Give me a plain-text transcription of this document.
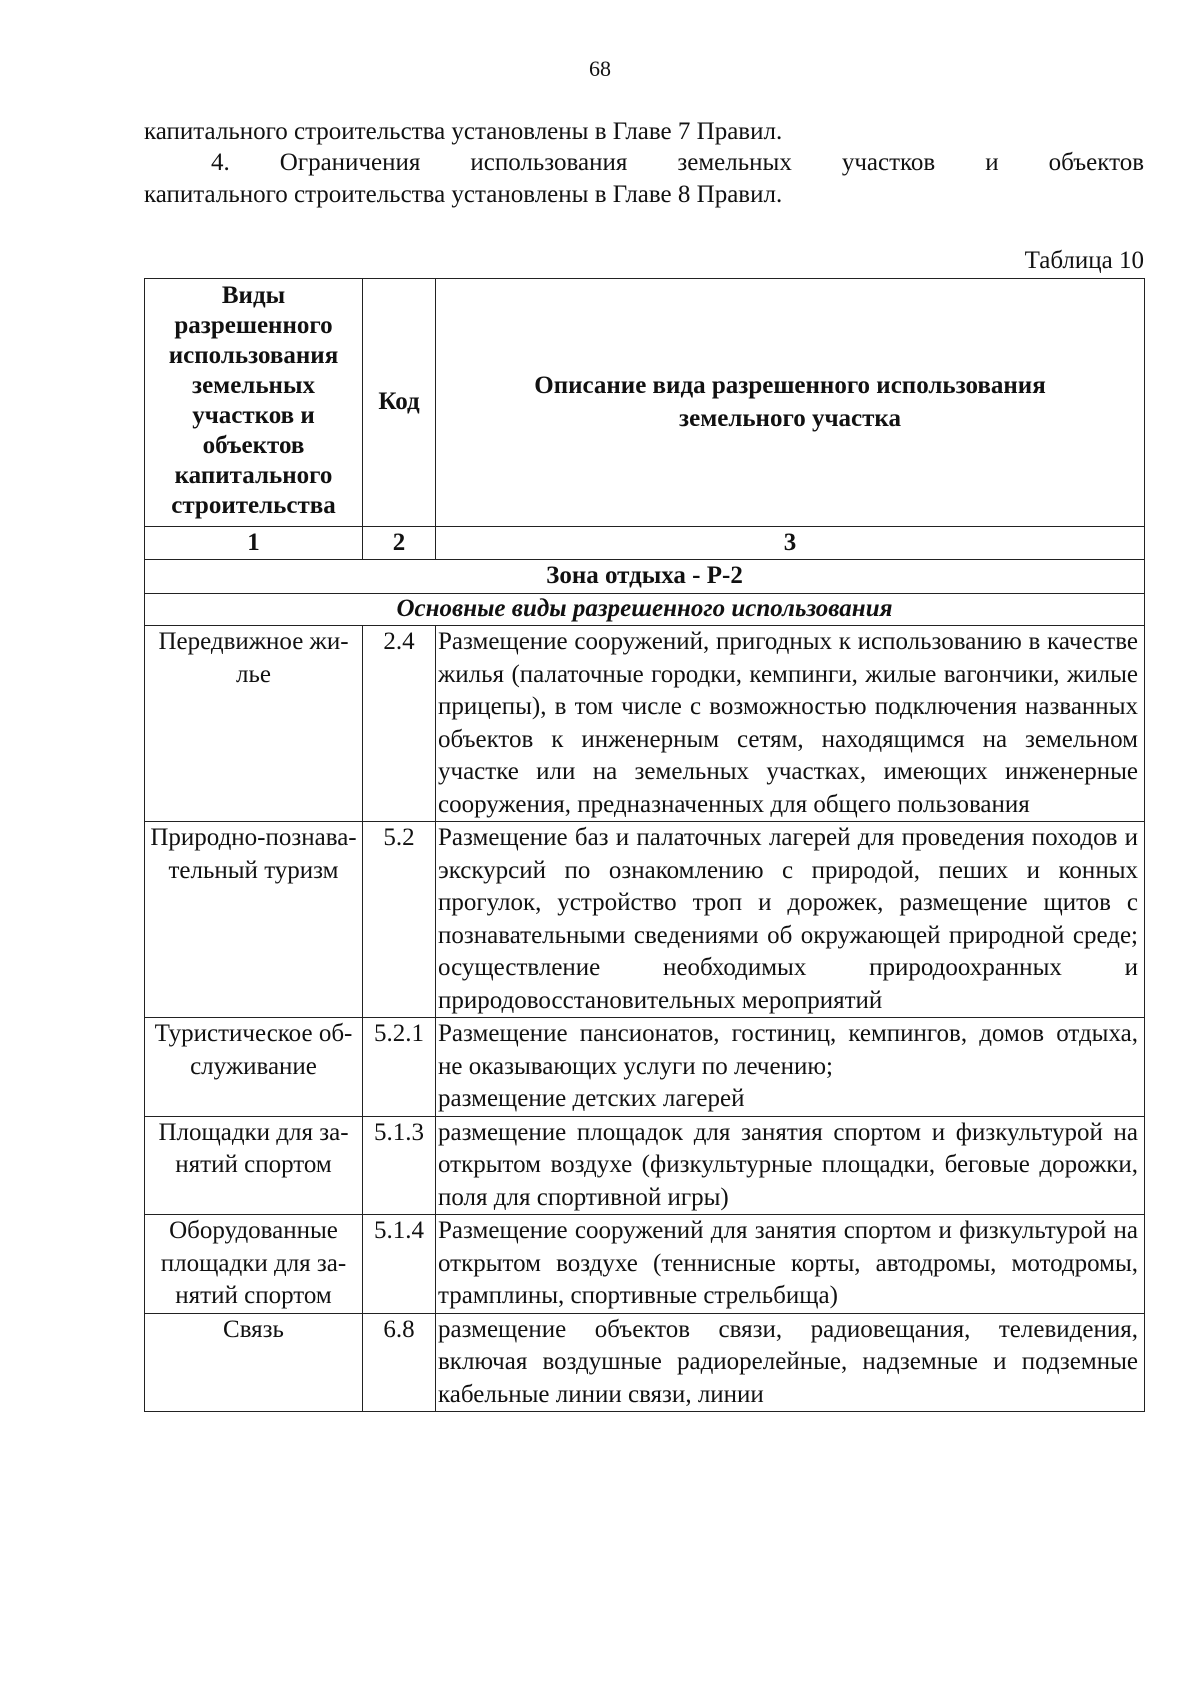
68
капитального строительства установлены в Главе 7 Правил.
4. Ограничения использования земельных участков и объектов
капитального строительства установлены в Главе 8 Правил.
Таблица 10
Виды разрешенного использования земельных участков и объектов капитального строительства	Код	Описание вида разрешенного использования земельного участка
1	2	3
Зона отдыха - Р-2		
Основные виды разрешенного использования		
Передвижное жи-лье	2.4	Размещение сооружений, пригодных к использованию в качестве жилья (палаточные городки, кемпинги, жилые вагончики, жилые прицепы), в том числе с возможностью подключения названных объектов к инженерным сетям, находящимся на земельном участке или на земельных участках, имеющих инженерные сооружения, предназначенных для общего пользования
Природно-познава-тельный туризм	5.2	Размещение баз и палаточных лагерей для проведения походов и экскурсий по ознакомлению с природой, пеших и конных прогулок, устройство троп и дорожек, размещение щитов с познавательными сведениями об окружающей природной среде; осуществление необходимых природоохранных и природовосстановительных мероприятий
Туристическое об-служивание	5.2.1	Размещение пансионатов, гостиниц, кемпингов, домов отдыха, не оказывающих услуги по лечению;
размещение детских лагерей

Площадки для за-нятий спортом	5.1.3	размещение площадок для занятия спортом и физкультурой на открытом воздухе (физкультурные площадки, беговые дорожки, поля для спортивной игры)
Оборудованные площадки для за-нятий спортом	5.1.4	Размещение сооружений для занятия спортом и физкультурой на открытом воздухе (теннисные корты, автодромы, мотодромы, трамплины, спортивные стрельбища)
Связь	6.8	размещение объектов связи, радиовещания, телевидения, включая воздушные радиорелейные, надземные и подземные кабельные линии связи, линии
